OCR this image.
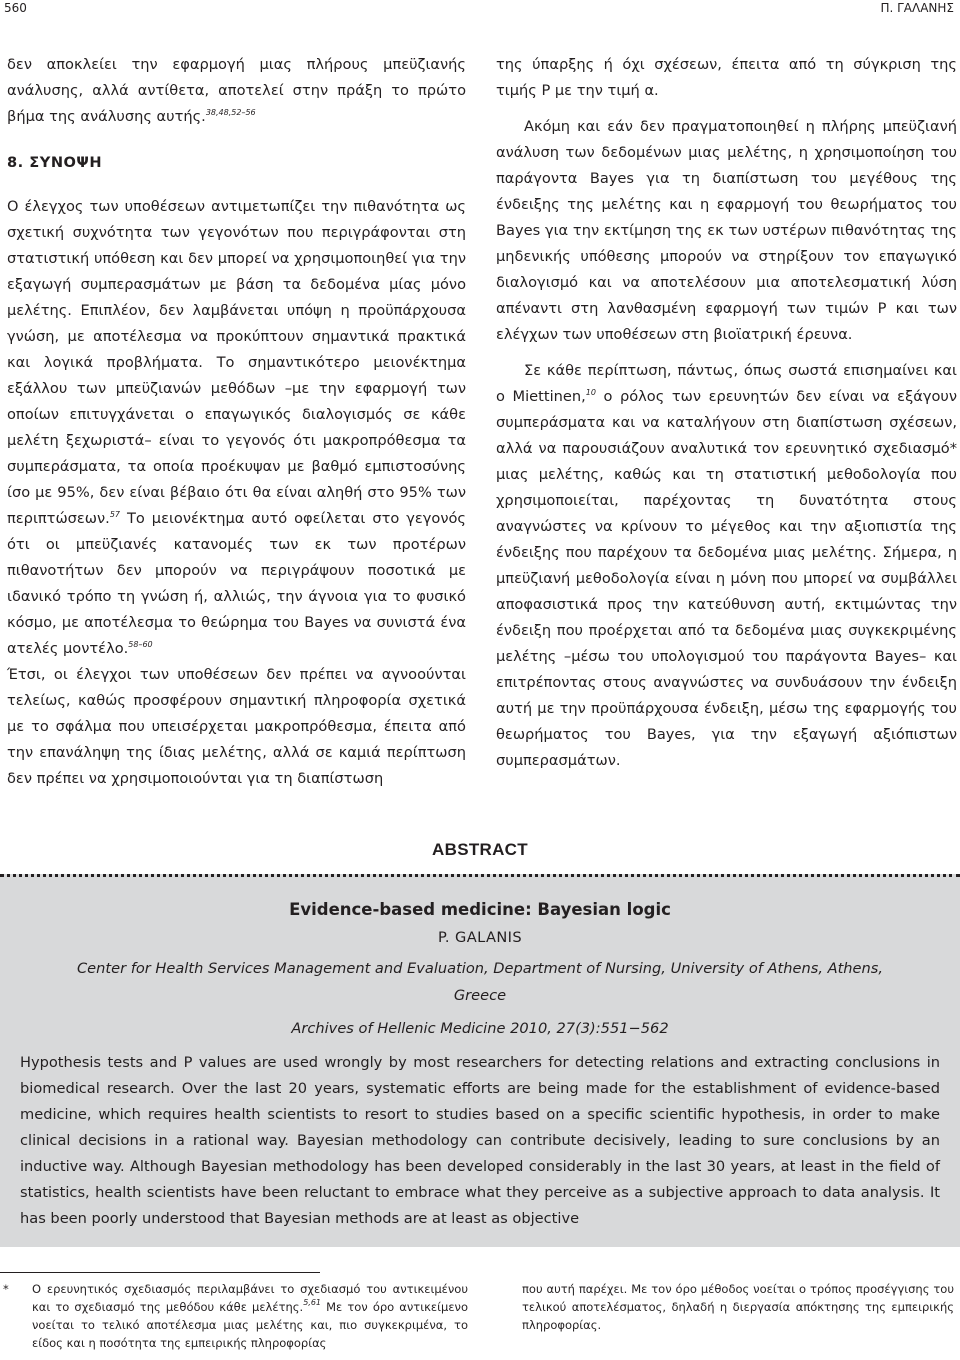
560	Π. ΓΑΛΑΝΗΣ

δεν αποκλείει την εφαρμογή μιας πλήρους μπεϋζιανής ανάλυσης, αλλά αντίθετα, αποτελεί στην πράξη το πρώτο βήμα της ανάλυσης αυτής.$^{38,48,52-56}$

8. ΣΥΝΟΨΗ

Ο έλεγχος των υποθέσεων αντιμετωπίζει την πιθανότητα ως σχετική συχνότητα των γεγονότων που περιγράφονται στη στατιστική υπόθεση και δεν μπορεί να χρησιμοποιηθεί για την εξαγωγή συμπερασμάτων με βάση τα δεδομένα μίας μόνο μελέτης. Επιπλέον, δεν λαμβάνεται υπόψη η προϋπάρχουσα γνώση, με αποτέλεσμα να προκύπτουν σημαντικά πρακτικά και λογικά προβλήματα. Το σημαντικότερο μειονέκτημα εξάλλου των μπεϋζιανών μεθόδων –με την εφαρμογή των οποίων επιτυγχάνεται ο επαγωγικός διαλογισμός σε κάθε μελέτη ξεχωριστά– είναι το γεγονός ότι μακροπρόθεσμα τα συμπεράσματα, τα οποία προέκυψαν με βαθμό εμπιστοσύνης ίσο με 95%, δεν είναι βέβαιο ότι θα είναι αληθή στο 95% των περιπτώσεων.$^{57}$ Το μειονέκτημα αυτό οφείλεται στο γεγονός ότι οι μπεϋζιανές κατανομές των εκ των προτέρων πιθανοτήτων δεν μπορούν να περιγράψουν ποσοτικά με ιδανικό τρόπο τη γνώση ή, αλλιώς, την άγνοια για το φυσικό κόσμο, με αποτέλεσμα το θεώρημα του Bayes να συνιστά ένα ατελές μοντέλο.$^{58-60}$

Έτσι, οι έλεγχοι των υποθέσεων δεν πρέπει να αγνοούνται τελείως, καθώς προσφέρουν σημαντική πληροφορία σχετικά με το σφάλμα που υπεισέρχεται μακροπρόθεσμα, έπειτα από την επανάληψη της ίδιας μελέτης, αλλά σε καμιά περίπτωση δεν πρέπει να χρησιμοποιούνται για τη διαπίστωση

της ύπαρξης ή όχι σχέσεων, έπειτα από τη σύγκριση της τιμής P με την τιμή α.

Ακόμη και εάν δεν πραγματοποιηθεί η πλήρης μπεϋζιανή ανάλυση των δεδομένων μιας μελέτης, η χρησιμοποίηση του παράγοντα Bayes για τη διαπίστωση του μεγέθους της ένδειξης της μελέτης και η εφαρμογή του θεωρήματος του Bayes για την εκτίμηση της εκ των υστέρων πιθανότητας της μηδενικής υπόθεσης μπορούν να στηρίξουν τον επαγωγικό διαλογισμό και να αποτελέσουν μια αποτελεσματική λύση απέναντι στη λανθασμένη εφαρμογή των τιμών P και των ελέγχων των υποθέσεων στη βιοϊατρική έρευνα.

Σε κάθε περίπτωση, πάντως, όπως σωστά επισημαίνει και ο Miettinen,$^{10}$ ο ρόλος των ερευνητών δεν είναι να εξάγουν συμπεράσματα και να καταλήγουν στη διαπίστωση σχέσεων, αλλά να παρουσιάζουν αναλυτικά τον ερευνητικό σχεδιασμό* μιας μελέτης, καθώς και τη στατιστική μεθοδολογία που χρησιμοποιείται, παρέχοντας τη δυνατότητα στους αναγνώστες να κρίνουν το μέγεθος και την αξιοπιστία της ένδειξης που παρέχουν τα δεδομένα μιας μελέτης. Σήμερα, η μπεϋζιανή μεθοδολογία είναι η μόνη που μπορεί να συμβάλλει αποφασιστικά προς την κατεύθυνση αυτή, εκτιμώντας την ένδειξη που προέρχεται από τα δεδομένα μιας συγκεκριμένης μελέτης –μέσω του υπολογισμού του παράγοντα Bayes– και επιτρέποντας στους αναγνώστες να συνδυάσουν την ένδειξη αυτή με την προϋπάρχουσα ένδειξη, μέσω της εφαρμογής του θεωρήματος του Bayes, για την εξαγωγή αξιόπιστων συμπερασμάτων.

ABSTRACT
Evidence-based medicine: Bayesian logic
P. GALANIS
Center for Health Services Management and Evaluation, Department of Nursing, University of Athens, Athens, Greece
Archives of Hellenic Medicine 2010, 27(3):551−562

Hypothesis tests and P values are used wrongly by most researchers for detecting relations and extracting conclusions in biomedical research. Over the last 20 years, systematic efforts are being made for the establishment of evidence-based medicine, which requires health scientists to resort to studies based on a specific scientific hypothesis, in order to make clinical decisions in a rational way. Bayesian methodology can contribute decisively, leading to sure conclusions by an inductive way. Although Bayesian methodology has been developed considerably in the last 30 years, at least in the field of statistics, health scientists have been reluctant to embrace what they perceive as a subjective approach to data analysis. It has been poorly understood that Bayesian methods are at least as objective

* Ο ερευνητικός σχεδιασμός περιλαμβάνει το σχεδιασμό του αντικειμένου και το σχεδιασμό της μεθόδου κάθε μελέτης.$^{5,61}$ Με τον όρο αντικείμενο νοείται το τελικό αποτέλεσμα μιας μελέτης και, πιο συγκεκριμένα, το είδος και η ποσότητα της εμπειρικής πληροφορίας

που αυτή παρέχει. Με τον όρο μέθοδος νοείται ο τρόπος προσέγγισης του τελικού αποτελέσματος, δηλαδή η διεργασία απόκτησης της εμπειρικής πληροφορίας.
